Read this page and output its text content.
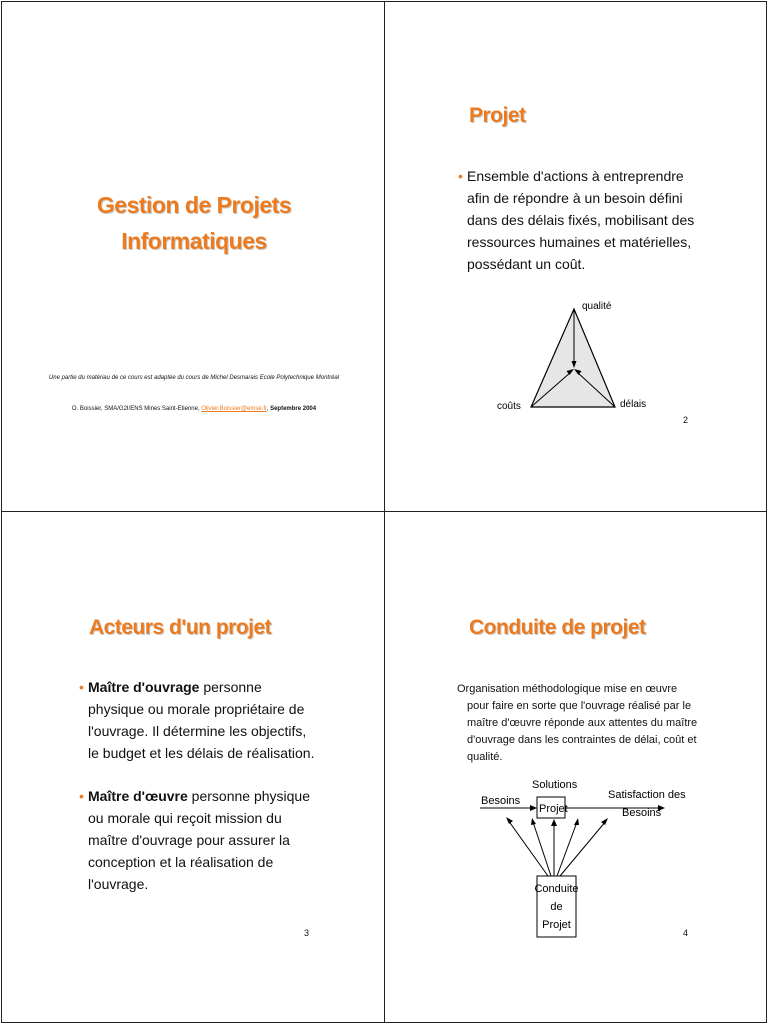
Gestion de Projets
Informatiques
Une partie du matériau de ce cours est adaptée du cours de Michel Desmarais Ecole Polytechnique Montréal
O. Boissier, SMA/G2I/ENS Mines Saint-Etienne, Olivier.Boissier@emse.fr, Septembre 2004
Projet
• Ensemble d'actions à entreprendre afin de répondre à un besoin défini dans des délais fixés, mobilisant des ressources humaines et matérielles, possédant un coût.
qualité
coûts	délais
2
Acteurs d'un projet
• Maître d'ouvrage personne physique ou morale propriétaire de l'ouvrage. Il détermine les objectifs, le budget et les délais de réalisation.
• Maître d'œuvre personne physique ou morale qui reçoit mission du maître d'ouvrage pour assurer la conception et la réalisation de l'ouvrage.
3
Conduite de projet
Organisation méthodologique mise en œuvre pour faire en sorte que l'ouvrage réalisé par le maître d'œuvre réponde aux attentes du maître d'ouvrage dans les contraintes de délai, coût et qualité.
Besoins
Solutions
Projet
Satisfaction des
Besoins
Conduite
de
Projet
4
